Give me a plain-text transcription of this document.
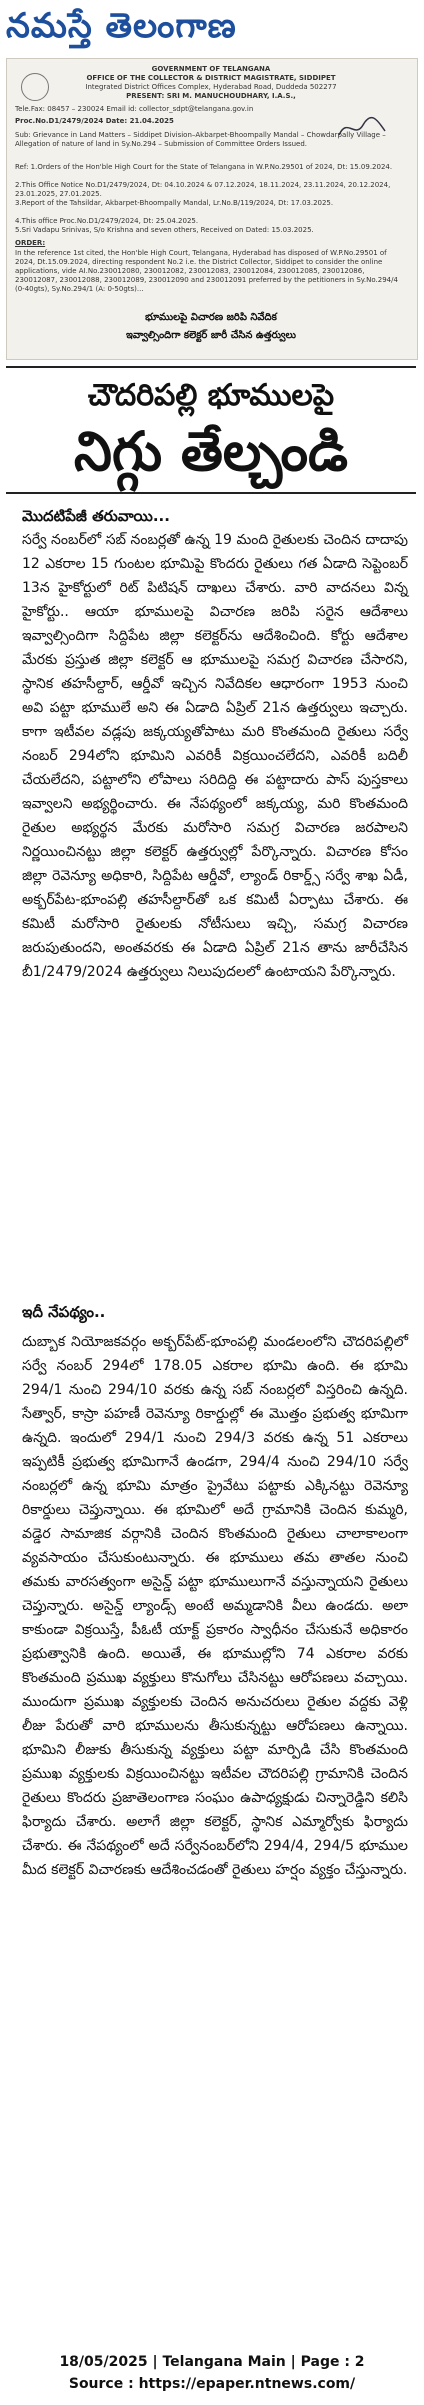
నమస్తే తెలంగాణ
GOVERNMENT OF TELANGANA
OFFICE OF THE COLLECTOR & DISTRICT MAGISTRATE, SIDDIPET
Integrated District Offices Complex, Hyderabad Road, Duddeda 502277
PRESENT: SRI M. MANUCHOUDHARY, I.A.S.,
Tele.Fax: 08457 – 230024 Email id: collector_sdpt@telangana.gov.in
Proc.No.D1/2479/2024 Date: 21.04.2025
Sub: Grievance in Land Matters – Siddipet Division–Akbarpet-Bhoompally Mandal – Chowdarpally Village – Allegation of nature of land in Sy.No.294 – Submission of Committee Orders Issued.
Ref: 1.Orders of the Hon'ble High Court for the State of Telangana in W.P.No.29501 of 2024, Dt: 15.09.2024.
2.This Office Notice No.D1/2479/2024, Dt: 04.10.2024 & 07.12.2024, 18.11.2024, 23.11.2024, 20.12.2024, 23.01.2025, 27.01.2025.
3.Report of the Tahsildar, Akbarpet-Bhoompally Mandal, Lr.No.B/119/2024, Dt: 17.03.2025.
4.This office Proc.No.D1/2479/2024, Dt: 25.04.2025.
5.Sri Vadapu Srinivas, S/o Krishna and seven others, Received on Dated: 15.03.2025.
ORDER:
In the reference 1st cited, the Hon'ble High Court, Telangana, Hyderabad has disposed of W.P.No.29501 of 2024, Dt.15.09.2024, directing respondent No.2 i.e. the District Collector, Siddipet to consider the online applications, vide AI.No.230012080, 230012082, 230012083, 230012084, 230012085, 230012086, 230012087, 230012088, 230012089, 230012090 and 230012091 preferred by the petitioners in Sy.No.294/4 (0-40gts), Sy.No.294/1 (A: 0-50gts)...
భూములపై విచారణ జరిపి నివేదిక
ఇవ్వాల్సిందిగా కలెక్టర్ జారీ చేసిన ఉత్తర్వులు
చౌదరిపల్లి భూములపై
నిగ్గు తేల్చండి
మొదటిపేజీ తరువాయి...
సర్వే నంబర్‌లో సబ్ నంబర్లతో ఉన్న 19 మంది రైతులకు చెందిన దాదాపు 12 ఎకరాల 15 గుంటల భూమిపై కొందరు రైతులు గత ఏడాది సెప్టెంబర్ 13న హైకోర్టులో రిట్ పిటిషన్ దాఖలు చేశారు. వారి వాదనలు విన్న హైకోర్టు.. ఆయా భూములపై విచారణ జరిపి సరైన ఆదేశాలు ఇవ్వాల్సిందిగా సిద్దిపేట జిల్లా కలెక్టర్‌ను ఆదేశించింది. కోర్టు ఆదేశాల మేరకు ప్రస్తుత జిల్లా కలెక్టర్ ఆ భూములపై సమగ్ర విచారణ చేసారని, స్థానిక తహసీల్దార్, ఆర్డీవో ఇచ్చిన నివేదికల ఆధారంగా 1953 నుంచి అవి పట్టా భూములే అని ఈ ఏడాది ఏప్రిల్ 21న ఉత్తర్వులు ఇచ్చారు. కాగా ఇటీవల వడ్లపు జక్కయ్యతోపాటు మరి కొంతమంది రైతులు సర్వే నంబర్ 294లోని భూమిని ఎవరికీ విక్రయించలేదని, ఎవరికీ బదిలీ చేయలేదని, పట్టాలోని లోపాలు సరిదిద్ది ఈ పట్టాదారు పాస్ పుస్తకాలు ఇవ్వాలని అభ్యర్థించారు. ఈ నేపథ్యంలో జక్కయ్య, మరి కొంతమంది రైతుల అభ్యర్థన మేరకు మరోసారి సమగ్ర విచారణ జరపాలని నిర్ణయించినట్టు జిల్లా కలెక్టర్ ఉత్తర్వుల్లో పేర్కొన్నారు. విచారణ కోసం జిల్లా రెవెన్యూ అధికారి, సిద్దిపేట ఆర్డీవో, ల్యాండ్ రికార్డ్స్ సర్వే శాఖ ఏడీ, అక్బర్‌పేట-భూంపల్లి తహసీల్దార్‌తో ఒక కమిటీ ఏర్పాటు చేశారు. ఈ కమిటీ మరోసారి రైతులకు నోటీసులు ఇచ్చి, సమగ్ర విచారణ జరుపుతుందని, అంతవరకు ఈ ఏడాది ఏప్రిల్ 21న తాను జారీచేసిన బీ1/2479/2024 ఉత్తర్వులు నిలుపుదలలో ఉంటాయని పేర్కొన్నారు.
ఇదీ నేపథ్యం..
దుబ్బాక నియోజకవర్గం అక్బర్‌పేట్-భూంపల్లి మండలంలోని చౌదరిపల్లిలో సర్వే నంబర్ 294లో 178.05 ఎకరాల భూమి ఉంది. ఈ భూమి 294/1 నుంచి 294/10 వరకు ఉన్న సబ్ నంబర్లలో విస్తరించి ఉన్నది. సేత్వార్, కాస్రా పహణీ రెవెన్యూ రికార్డుల్లో ఈ మొత్తం ప్రభుత్వ భూమిగా ఉన్నది. ఇందులో 294/1 నుంచి 294/3 వరకు ఉన్న 51 ఎకరాలు ఇప్పటికీ ప్రభుత్వ భూమిగానే ఉండగా, 294/4 నుంచి 294/10 సర్వే నంబర్లలో ఉన్న భూమి మాత్రం ప్రైవేటు పట్టాకు ఎక్కినట్టు రెవెన్యూ రికార్డులు చెప్తున్నాయి. ఈ భూమిలో అదే గ్రామానికి చెందిన కుమ్మరి, వడ్డెర సామాజిక వర్గానికి చెందిన కొంతమంది రైతులు చాలాకాలంగా వ్యవసాయం చేసుకుంటున్నారు. ఈ భూములు తమ తాతల నుంచి తమకు వారసత్వంగా అసైన్డ్ పట్టా భూములుగానే వస్తున్నాయని రైతులు చెప్తున్నారు. అసైన్డ్ ల్యాండ్స్ అంటే అమ్మడానికి వీలు ఉండదు. అలా కాకుండా విక్రయిస్తే, పీఓటీ యాక్ట్ ప్రకారం స్వాధీనం చేసుకునే అధికారం ప్రభుత్వానికి ఉంది. అయితే, ఈ భూముల్లోని 74 ఎకరాల వరకు కొంతమంది ప్రముఖ వ్యక్తులు కొనుగోలు చేసినట్టు ఆరోపణలు వచ్చాయి. ముందుగా ప్రముఖ వ్యక్తులకు చెందిన అనుచరులు రైతుల వద్దకు వెళ్లి లీజు పేరుతో వారి భూములను తీసుకున్నట్టు ఆరోపణలు ఉన్నాయి. భూమిని లీజుకు తీసుకున్న వ్యక్తులు పట్టా మార్పిడి చేసి కొంతమంది ప్రముఖ వ్యక్తులకు విక్రయించినట్టు ఇటీవల చౌదరిపల్లి గ్రామానికి చెందిన రైతులు కొందరు ప్రజాతెలంగాణ సంఘం ఉపాధ్యక్షుడు చిన్నారెడ్డిని కలిసి ఫిర్యాదు చేశారు. అలాగే జిల్లా కలెక్టర్, స్థానిక ఎమ్మార్వోకు ఫిర్యాదు చేశారు. ఈ నేపథ్యంలో అదే సర్వేనంబర్‌లోని 294/4, 294/5 భూముల మీద కలెక్టర్ విచారణకు ఆదేశించడంతో రైతులు హర్షం వ్యక్తం చేస్తున్నారు.
18/05/2025 | Telangana Main | Page : 2
Source : https://epaper.ntnews.com/
